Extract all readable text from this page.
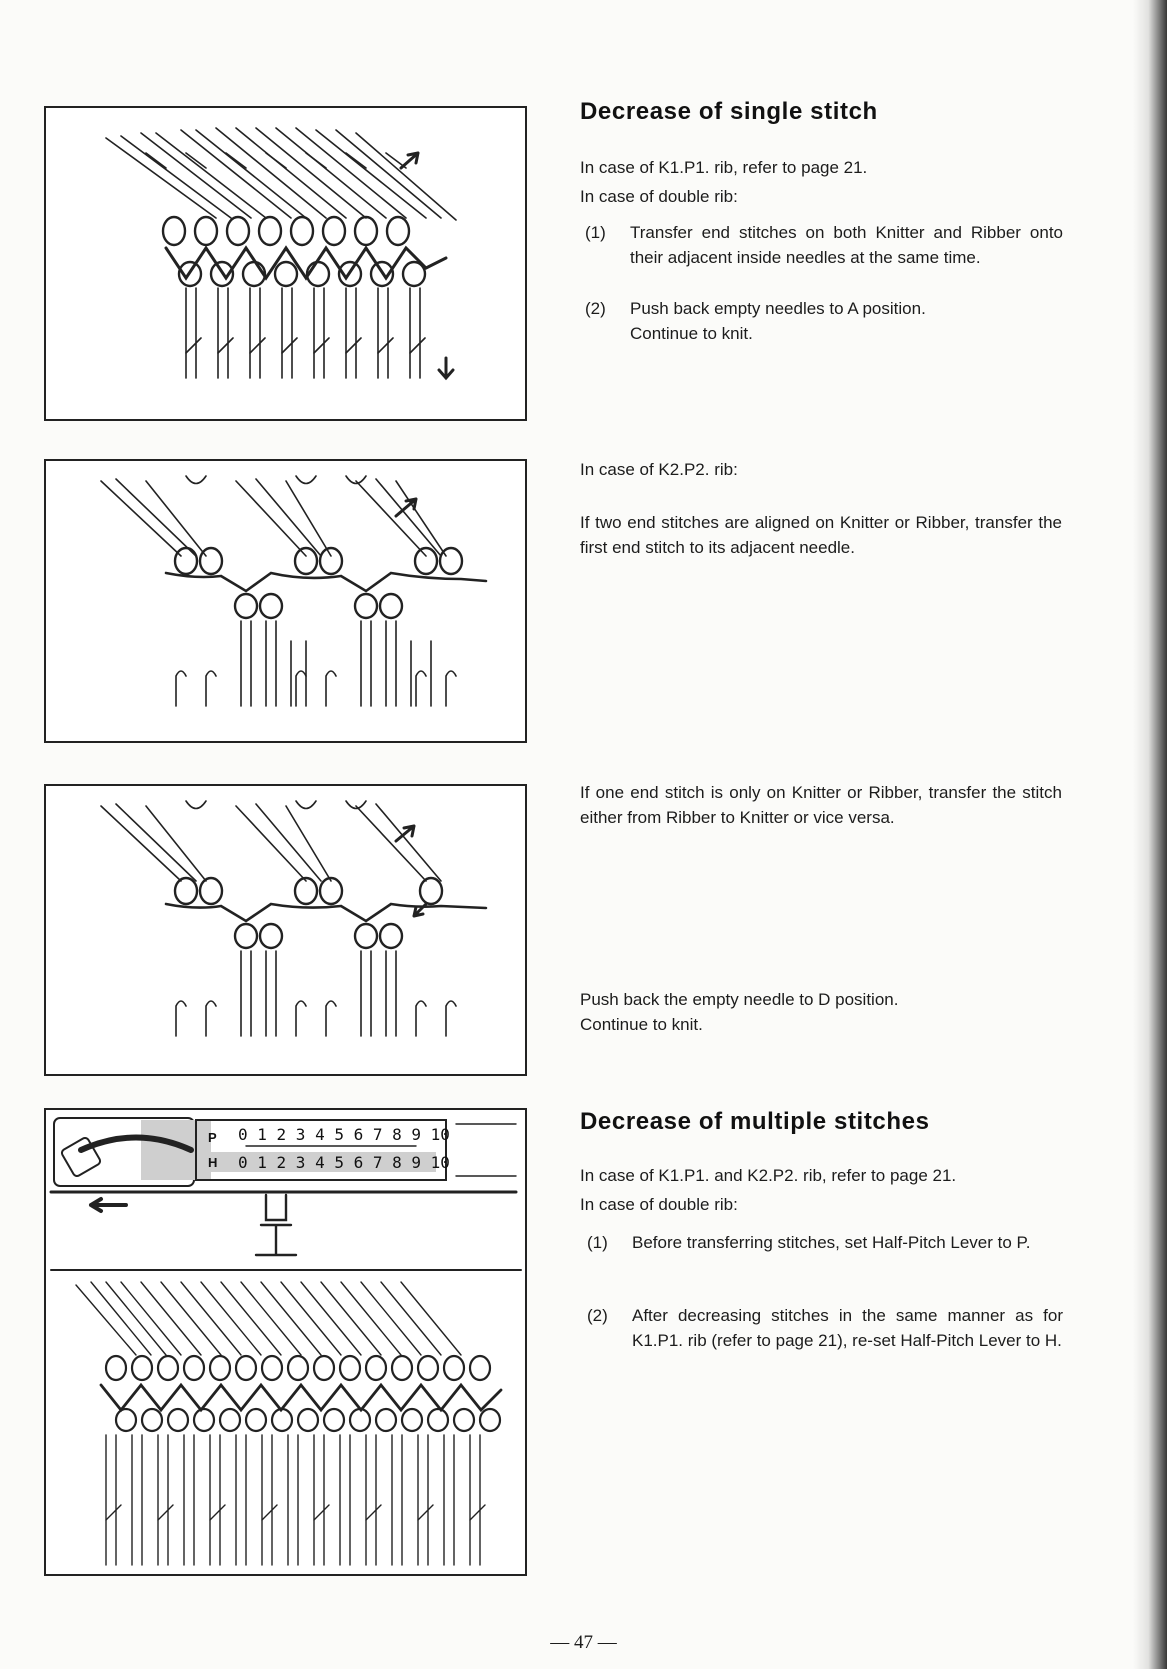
P
H
0 1 2 3 4 5 6 7 8 9 10
0 1 2 3 4 5 6 7 8 9 10
Decrease of single stitch

In case of K1.P1. rib, refer to page 21.

In case of double rib:

(1)	Transfer end stitches on both Knitter and Ribber onto their adjacent inside needles at the same time.

(2)	Push back empty needles to A position.

Continue to knit.

In case of K2.P2. rib:

If two end stitches are aligned on Knitter or Ribber, transfer the first end stitch to its adjacent needle.

If one end stitch is only on Knitter or Ribber, transfer the stitch either from Ribber to Knitter or vice versa.

Push back the empty needle to D position.

Continue to knit.

Decrease of multiple stitches

In case of K1.P1. and K2.P2. rib, refer to page 21.

In case of double rib:

(1)	Before transferring stitches, set Half-Pitch Lever to P.

(2)	After decreasing stitches in the same manner as for K1.P1. rib (refer to page 21), re-set Half-Pitch Lever to H.

— 47 —
